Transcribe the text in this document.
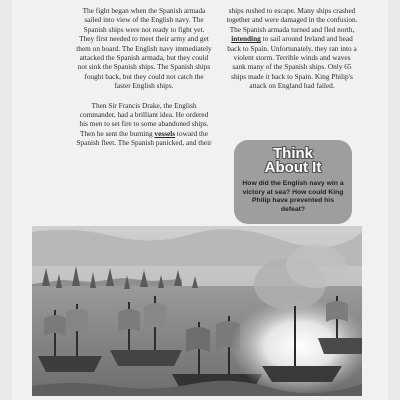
The fight began when the Spanish armada sailed into view of the English navy. The Spanish ships were not ready to fight yet. They first needed to meet their army and get them on board. The English navy immediately attacked the Spanish armada, but they could not sink the Spanish ships. The Spanish ships fought back, but they could not catch the faster English ships.

Then Sir Francis Drake, the English commander, had a brilliant idea. He ordered his men to set fire to some abandoned ships. Then he sent the burning vessels toward the Spanish fleet. The Spanish panicked, and their

ships rushed to escape. Many ships crashed together and were damaged in the confusion. The Spanish armada turned and fled north, intending to sail around Ireland and head back to Spain. Unfortunately, they ran into a violent storm. Terrible winds and waves sank many of the Spanish ships. Only 65 ships made it back to Spain. King Philip's attack on England had failed.

Think
About It
How did the English navy win a victory at sea? How could King Philip have prevented his defeat?
